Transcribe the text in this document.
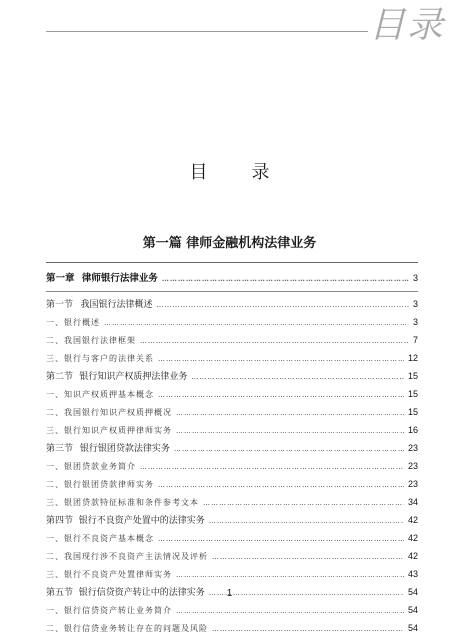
目录
目录
第一篇 律师金融机构法律业务
第一章 律师银行法律业务 ……………………………………………………………………………………………………………………………………………………………	3
第一节 我国银行法律概述 ……………………………………………………………………………………………………………………………………………………………	3
一、银行概述 ……………………………………………………………………………………………………………………………………………………………	3
二、我国银行法律框架 ……………………………………………………………………………………………………………………………………………………………	7
三、银行与客户的法律关系 ……………………………………………………………………………………………………………………………………………………………	12
第二节 银行知识产权质押法律业务 ……………………………………………………………………………………………………………………………………………………………	15
一、知识产权质押基本概念 ……………………………………………………………………………………………………………………………………………………………	15
二、我国银行知识产权质押概况 ……………………………………………………………………………………………………………………………………………………………	15
三、银行知识产权质押律师实务 ……………………………………………………………………………………………………………………………………………………………	16
第三节 银行银团贷款法律实务 ……………………………………………………………………………………………………………………………………………………………	23
一、银团贷款业务简介 ……………………………………………………………………………………………………………………………………………………………	23
二、银行银团贷款律师实务 ……………………………………………………………………………………………………………………………………………………………	23
三、银团贷款特征标准和条件参考文本 ……………………………………………………………………………………………………………………………………………………………	34
第四节 银行不良资产处置中的法律实务 ……………………………………………………………………………………………………………………………………………………………	42
一、银行不良资产基本概念 ……………………………………………………………………………………………………………………………………………………………	42
二、我国现行涉不良资产主法情况及评析 ……………………………………………………………………………………………………………………………………………………………	42
三、银行不良资产处置律师实务 ……………………………………………………………………………………………………………………………………………………………	43
第五节 银行信贷资产转让中的法律实务 ……………………………………………………………………………………………………………………………………………………………	54
一、银行信贷资产转让业务简介 ……………………………………………………………………………………………………………………………………………………………	54
二、银行信贷业务转让存在的问题及风险 ……………………………………………………………………………………………………………………………………………………………	54
1
